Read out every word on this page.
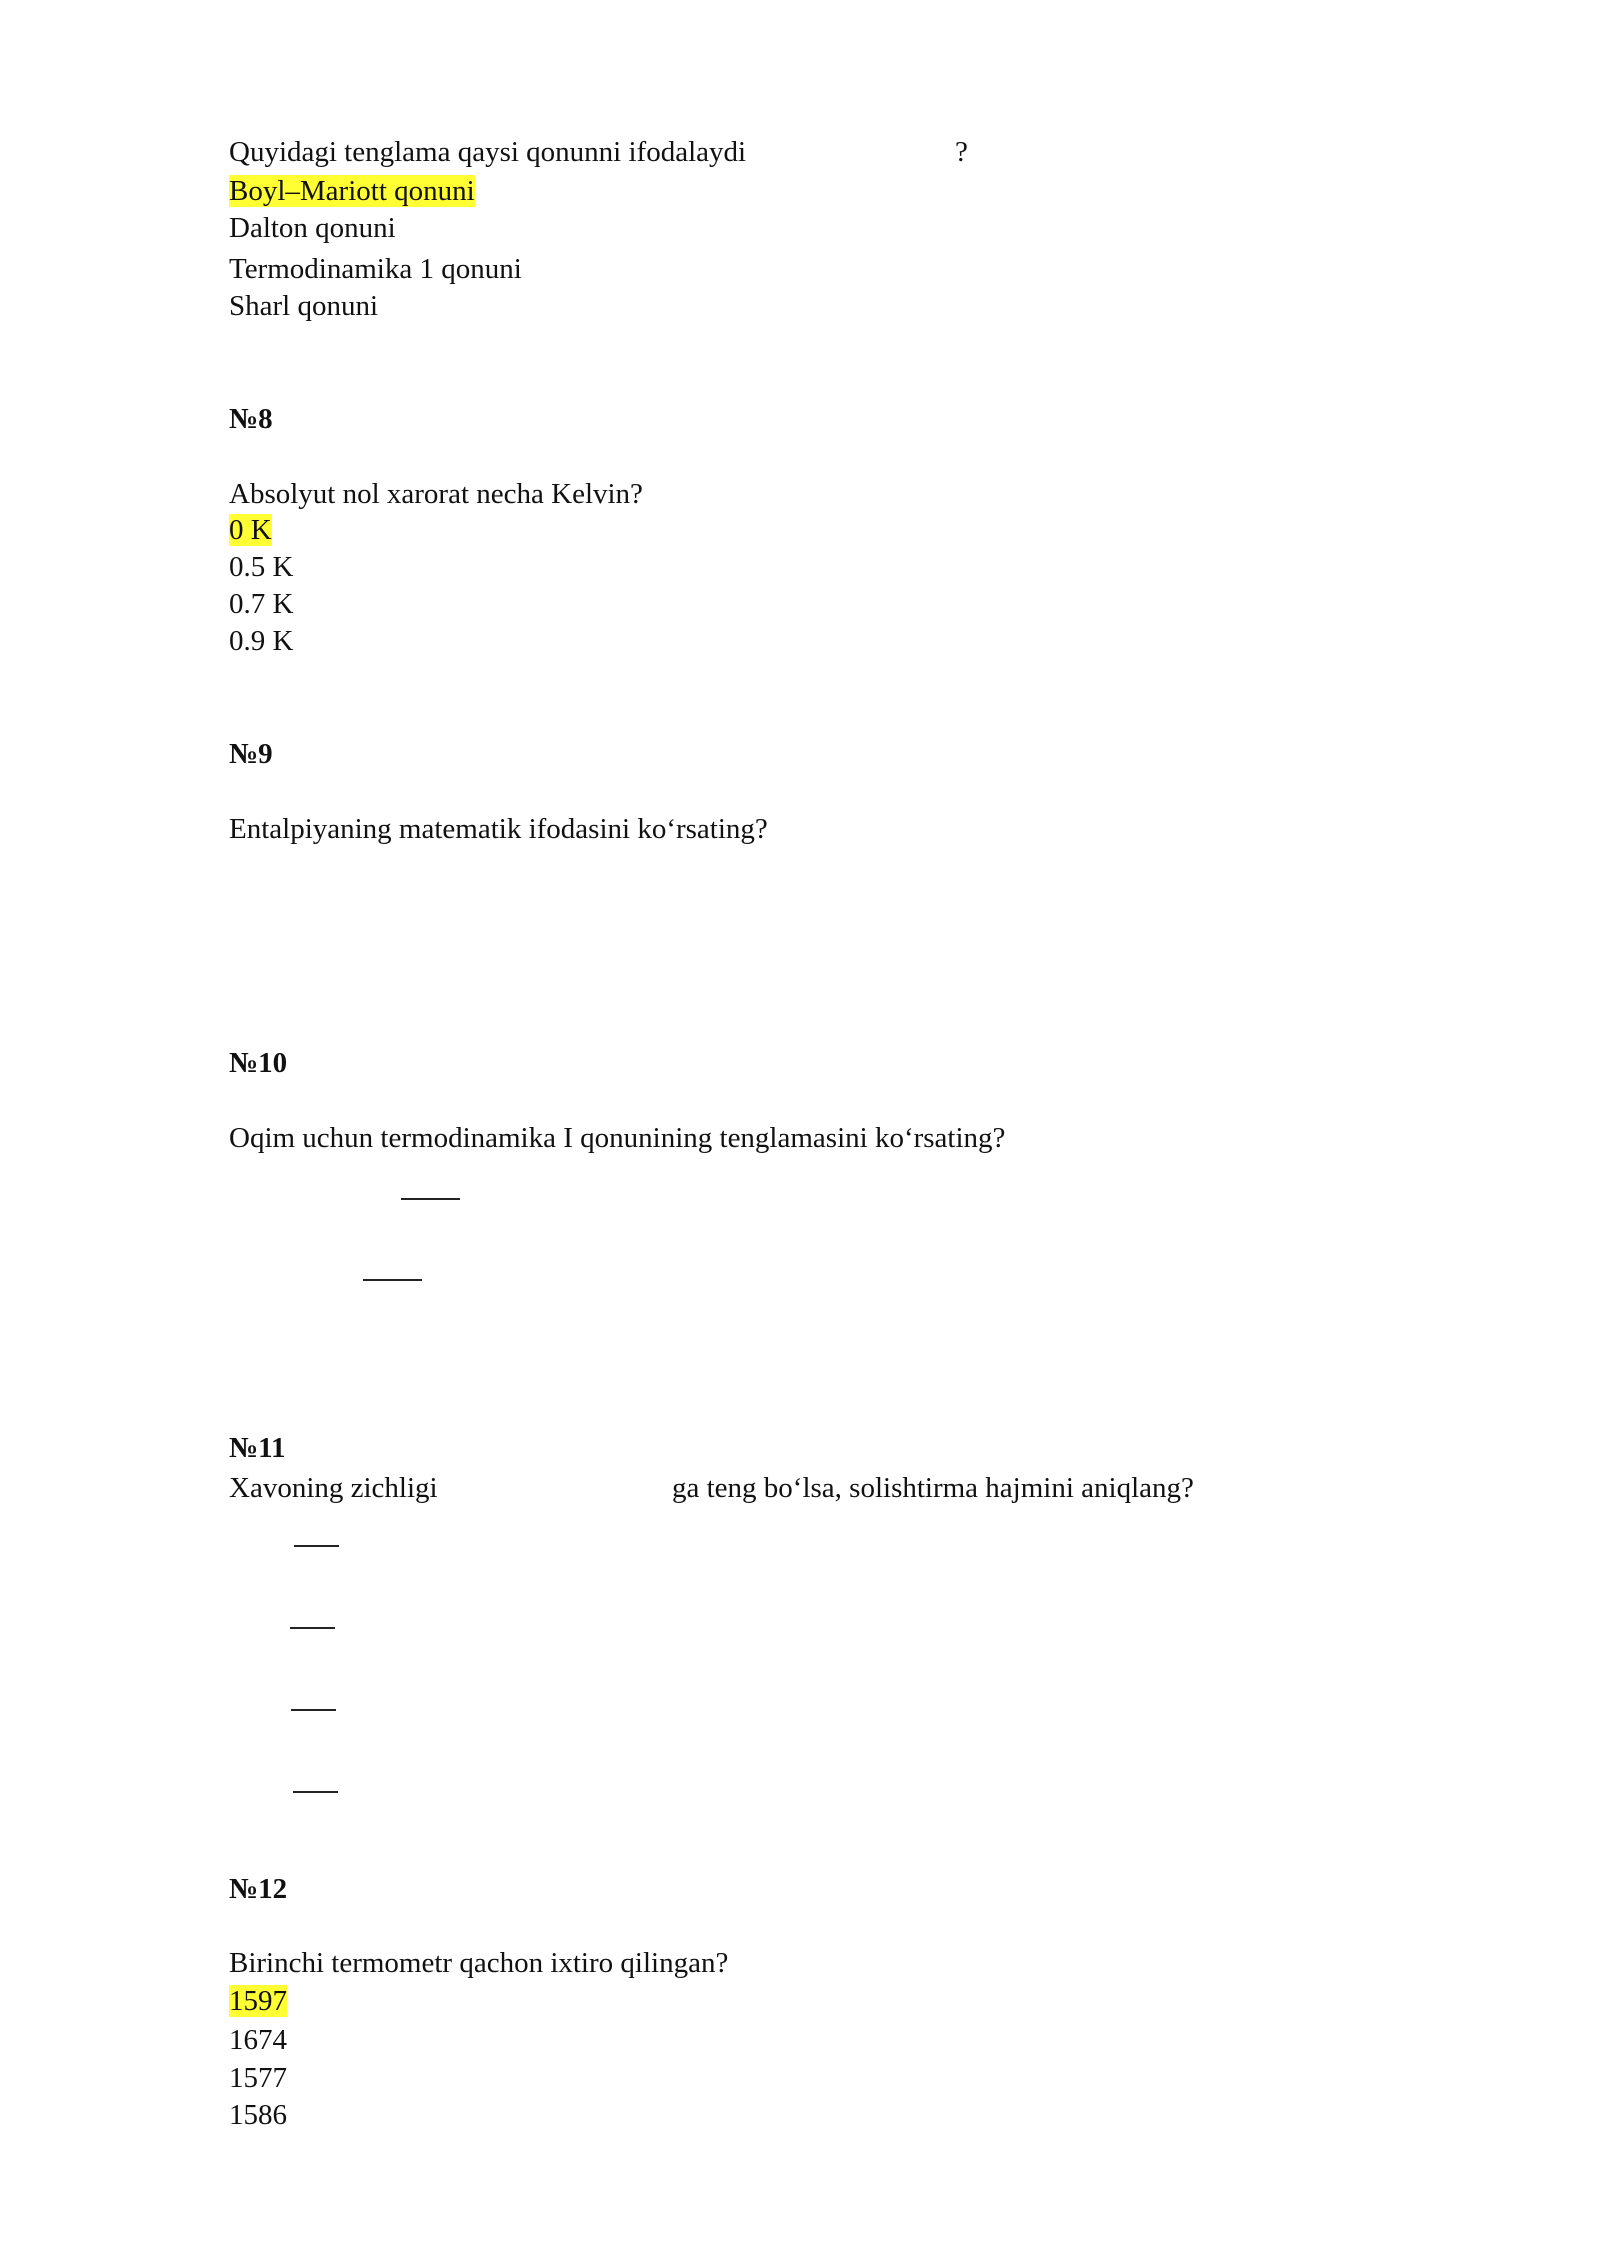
Quyidagi tenglama qaysi qonunni ifodalaydi	?
Boyl–Mariott qonuni
Dalton qonuni
Termodinamika 1 qonuni
Sharl qonuni
№8
Absolyut nol xarorat necha Kelvin?
0 K
0.5 K
0.7 K
0.9 K
№9
Entalpiyaning matematik ifodasini ko‘rsating?
№10
Oqim uchun termodinamika I qonunining tenglamasini ko‘rsating?
№11
Xavoning zichligi	ga teng bo‘lsa, solishtirma hajmini aniqlang?
№12
Birinchi termometr qachon ixtiro qilingan?
1597
1674
1577
1586
